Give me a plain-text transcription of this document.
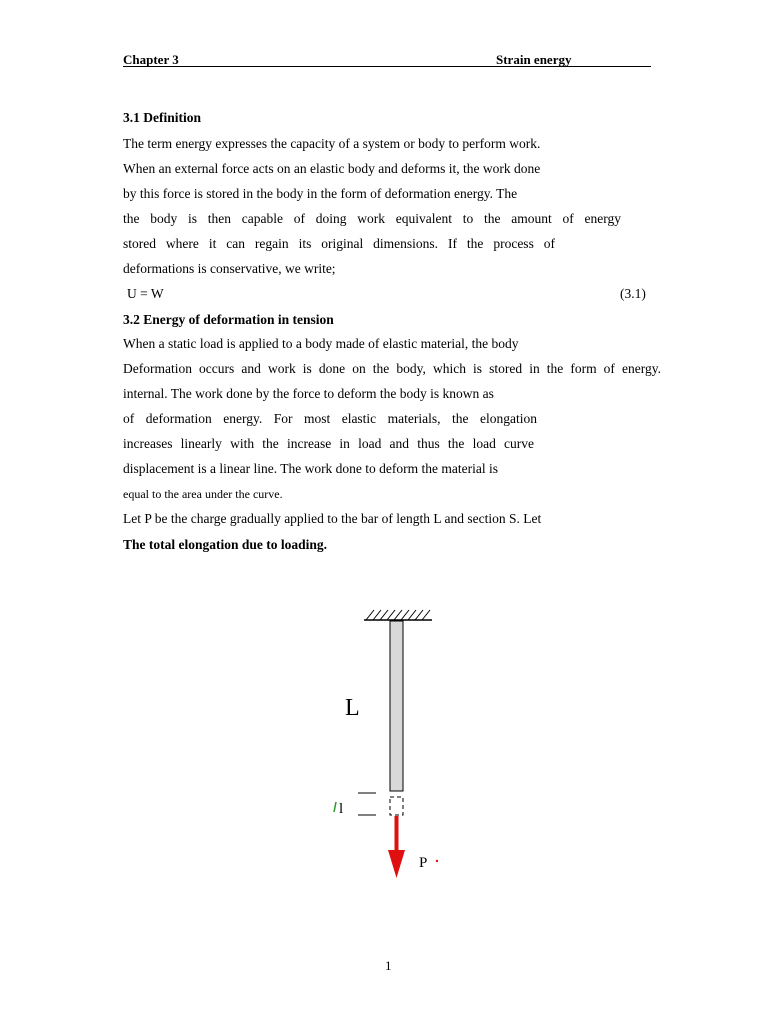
Chapter 3	Strain energy
3.1 Definition
The term energy expresses the capacity of a system or body to perform work.
When an external force acts on an elastic body and deforms it, the work done
by this force is stored in the body in the form of deformation energy. The
the body is then capable of doing work equivalent to the amount of energy
stored where it can regain its original dimensions. If the process of
deformations is conservative, we write;
U = W	(3.1)
3.2 Energy of deformation in tension
When a static load is applied to a body made of elastic material, the body
Deformation occurs and work is done on the body, which is stored in the form of energy.
internal. The work done by the force to deform the body is known as
of deformation energy. For most elastic materials, the elongation
increases linearly with the increase in load and thus the load curve
displacement is a linear line. The work done to deform the material is
equal to the area under the curve.
Let P be the charge gradually applied to the bar of length L and section S. Let
The total elongation due to loading.
L
l
P
1
